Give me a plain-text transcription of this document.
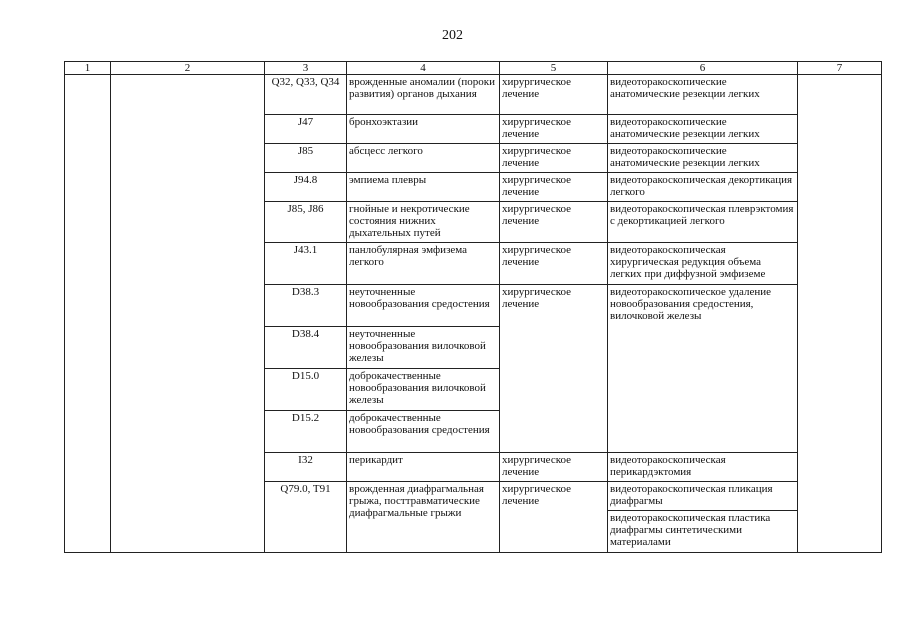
202
1	2	3	4	5	6	7
		Q32, Q33, Q34	врожденные аномалии (пороки развития) органов дыхания	хирургическое лечение	видеоторакоскопические анатомические резекции легких	
		J47	бронхоэктазии	хирургическое лечение	видеоторакоскопические анатомические резекции легких	
		J85	абсцесс легкого	хирургическое лечение	видеоторакоскопические анатомические резекции легких	
		J94.8	эмпиема плевры	хирургическое лечение	видеоторакоскопическая декортикация легкого	
		J85, J86	гнойные и некротические состояния нижних дыхательных путей	хирургическое лечение	видеоторакоскопическая плеврэктомия с декортикацией легкого	
		J43.1	панлобулярная эмфизема легкого	хирургическое лечение	видеоторакоскопическая хирургическая редукция объема легких при диффузной эмфиземе	
		D38.3	неуточненные новообразования средостения	хирургическое лечение	видеоторакоскопическое удаление новообразования средостения, вилочковой железы	
		D38.4	неуточненные новообразования вилочковой железы			
		D15.0	доброкачественные новообразования вилочковой железы			
		D15.2	доброкачественные новообразования средостения			
		I32	перикардит	хирургическое лечение	видеоторакоскопическая перикардэктомия	
		Q79.0, T91	врожденная диафрагмальная грыжа, посттравматические диафрагмальные грыжи	хирургическое лечение	видеоторакоскопическая пликация диафрагмы	
					видеоторакоскопическая пластика диафрагмы синтетическими материалами	
